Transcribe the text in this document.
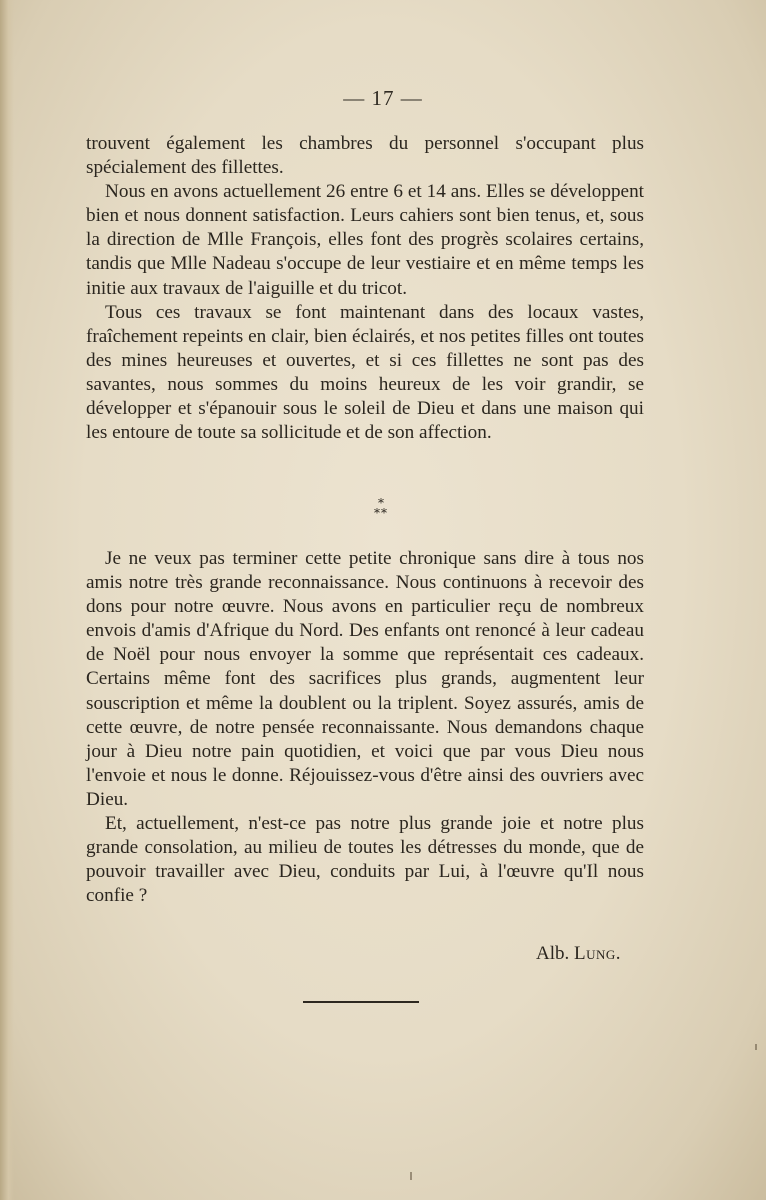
— 17 —

trouvent également les chambres du personnel s'occupant plus spécialement des fillettes.

Nous en avons actuellement 26 entre 6 et 14 ans. Elles se développent bien et nous donnent satisfaction. Leurs cahiers sont bien tenus, et, sous la direction de Mlle François, elles font des progrès scolaires certains, tandis que Mlle Nadeau s'occupe de leur vestiaire et en même temps les initie aux travaux de l'aiguille et du tricot.

Tous ces travaux se font maintenant dans des locaux vastes, fraîchement repeints en clair, bien éclairés, et nos petites filles ont toutes des mines heureuses et ouvertes, et si ces fillettes ne sont pas des savantes, nous sommes du moins heureux de les voir grandir, se développer et s'épanouir sous le soleil de Dieu et dans une maison qui les entoure de toute sa sollicitude et de son affection.

*
**

Je ne veux pas terminer cette petite chronique sans dire à tous nos amis notre très grande reconnaissance. Nous continuons à recevoir des dons pour notre œuvre. Nous avons en particulier reçu de nombreux envois d'amis d'Afrique du Nord. Des enfants ont renoncé à leur cadeau de Noël pour nous envoyer la somme que représentait ces cadeaux. Certains même font des sacrifices plus grands, augmentent leur souscription et même la doublent ou la triplent. Soyez assurés, amis de cette œuvre, de notre pensée reconnaissante. Nous demandons chaque jour à Dieu notre pain quotidien, et voici que par vous Dieu nous l'envoie et nous le donne. Réjouissez-vous d'être ainsi des ouvriers avec Dieu.

Et, actuellement, n'est-ce pas notre plus grande joie et notre plus grande consolation, au milieu de toutes les détresses du monde, que de pouvoir travailler avec Dieu, conduits par Lui, à l'œuvre qu'Il nous confie ?

Alb. Lung.
